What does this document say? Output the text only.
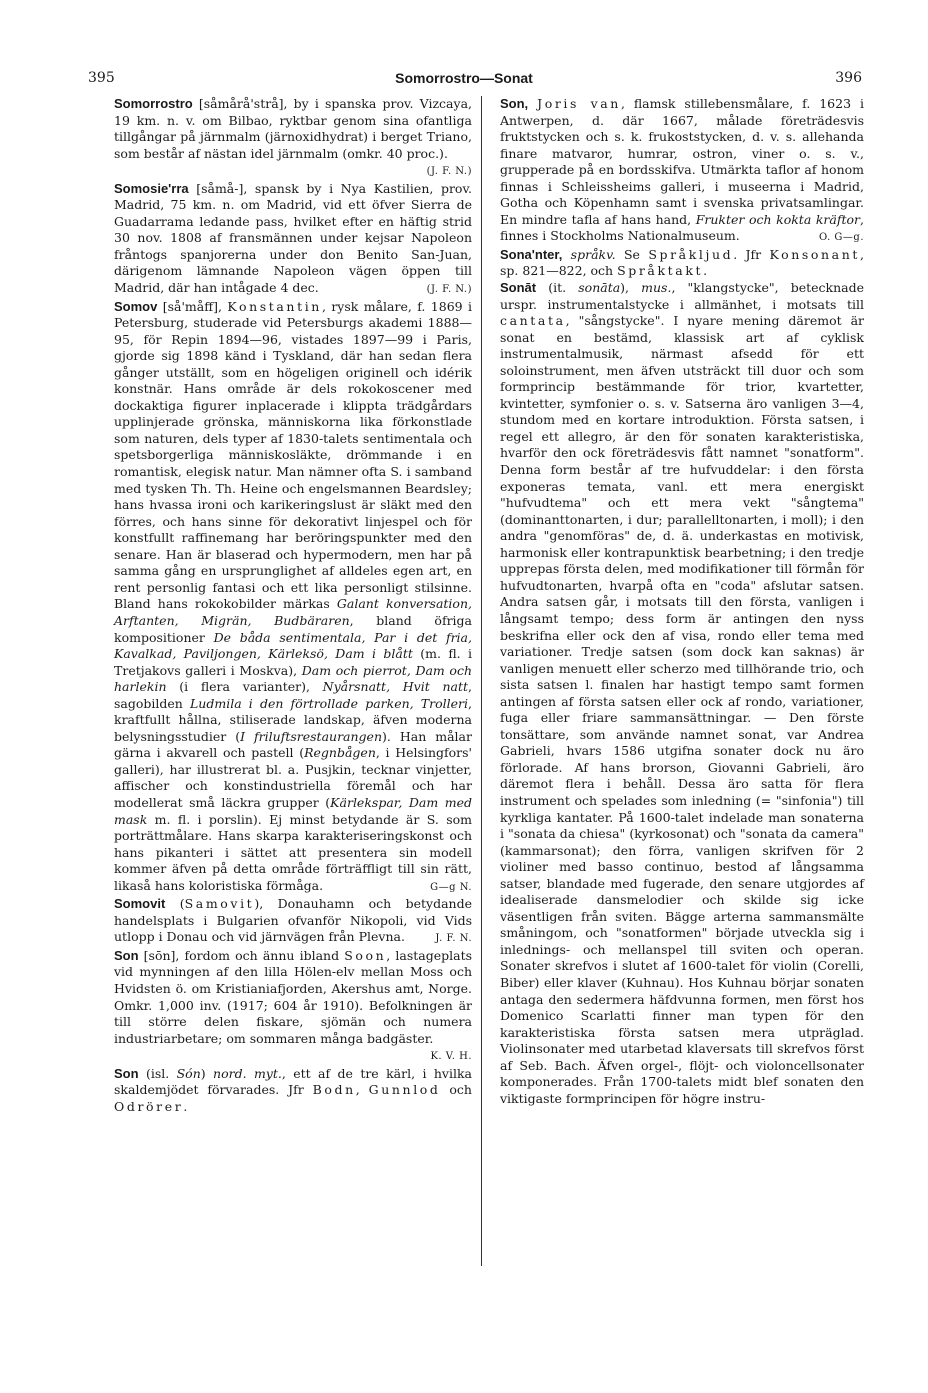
395	Somorrostro—Sonat	396

Somorrostro [såmårå'strå], by i spanska prov. Vizcaya, 19 km. n. v. om Bilbao, ryktbar genom sina ofantliga tillgångar på järnmalm (järnoxidhydrat) i berget Triano, som består af nästan idel järnmalm (omkr. 40 proc.).
(J. F. N.)

Somosie'rra [såmå-], spansk by i Nya Kastilien, prov. Madrid, 75 km. n. om Madrid, vid ett öfver Sierra de Guadarrama ledande pass, hvilket efter en häftig strid 30 nov. 1808 af fransmännen under kejsar Napoleon fråntogs spanjorerna under don Benito San-Juan, därigenom lämnande Napoleon vägen öppen till Madrid, där han intågade 4 dec.	(J. F. N.)

Somov [så'måff], Konstantin, rysk målare, f. 1869 i Petersburg, studerade vid Petersburgs akademi 1888—95, för Repin 1894—96, vistades 1897—99 i Paris, gjorde sig 1898 känd i Tyskland, där han sedan flera gånger utställt, som en högeligen originell och idérik konstnär. Hans område är dels rokokoscener med dockaktiga figurer inplacerade i klippta trädgårdars upplinjerade grönska, människorna lika förkonstlade som naturen, dels typer af 1830-talets sentimentala och spetsborgerliga människosläkte, drömmande i en romantisk, elegisk natur. Man nämner ofta S. i samband med tysken Th. Th. Heine och engelsmannen Beardsley; hans hvassa ironi och karikeringslust är släkt med den förres, och hans sinne för dekorativt linjespel och för konstfullt raffinemang har beröringspunkter med den senare. Han är blaserad och hypermodern, men har på samma gång en ursprunglighet af alldeles egen art, en rent personlig fantasi och ett lika personligt stilsinne. Bland hans rokokobilder märkas Galant konversation, Arftanten, Migrän, Budbäraren, bland öfriga kompositioner De båda sentimentala, Par i det fria, Kavalkad, Paviljongen, Kärleksö, Dam i blått (m. fl. i Tretjakovs galleri i Moskva), Dam och pierrot, Dam och harlekin (i flera varianter), Nyårsnatt, Hvit natt, sagobilden Ludmila i den förtrollade parken, Trolleri, kraftfullt hållna, stiliserade landskap, äfven moderna belysningsstudier (I friluftsrestaurangen). Han målar gärna i akvarell och pastell (Regnbågen, i Helsingfors' galleri), har illustrerat bl. a. Pusjkin, tecknar vinjetter, affischer och konstindustriella föremål och har modellerat små läckra grupper (Kärlekspar, Dam med mask m. fl. i porslin). Ej minst betydande är S. som porträttmålare. Hans skarpa karakteriseringskonst och hans pikanteri i sättet att presentera sin modell kommer äfven på detta område förträffligt till sin rätt, likaså hans koloristiska förmåga.	G—g N.

Somovit (Samovit), Donauhamn och betydande handelsplats i Bulgarien ofvanför Nikopoli, vid Vids utlopp i Donau och vid järnvägen från Plevna.	J. F. N.

Son [sōn], fordom och ännu ibland Soon, lastageplats vid mynningen af den lilla Hölen-elv mellan Moss och Hvidsten ö. om Kristianiafjorden, Akershus amt, Norge. Omkr. 1,000 inv. (1917; 604 år 1910). Befolkningen är till större delen fiskare, sjömän och numera industriarbetare; om sommaren många badgäster.
K. V. H.

Son (isl. Són) nord. myt., ett af de tre kärl, i hvilka skaldemjödet förvarades. Jfr Bodn, Gunnlod och Odrörer.

Son, Joris van, flamsk stillebensmålare, f. 1623 i Antwerpen, d. där 1667, målade företrädesvis fruktstycken och s. k. frukoststycken, d. v. s. allehanda finare matvaror, humrar, ostron, viner o. s. v., grupperade på en bordsskifva. Utmärkta taflor af honom finnas i Schleissheims galleri, i museerna i Madrid, Gotha och Köpenhamn samt i svenska privatsamlingar. En mindre tafla af hans hand, Frukter och kokta kräftor, finnes i Stockholms Nationalmuseum.	O. G—g.

Sona'nter, språkv. Se Språkljud. Jfr Konsonant, sp. 821—822, och Språktakt.

Sonāt (it. sonāta), mus., "klangstycke", betecknade urspr. instrumentalstycke i allmänhet, i motsats till cantata, "sångstycke". I nyare mening däremot är sonat en bestämd, klassisk art af cyklisk instrumentalmusik, närmast afsedd för ett soloinstrument, men äfven utsträckt till duor och som formprincip bestämmande för trior, kvartetter, kvintetter, symfonier o. s. v. Satserna äro vanligen 3—4, stundom med en kortare introduktion. Första satsen, i regel ett allegro, är den för sonaten karakteristiska, hvarför den ock företrädesvis fått namnet "sonatform". Denna form består af tre hufvuddelar: i den första exponeras temata, vanl. ett mera energiskt "hufvudtema" och ett mera vekt "sångtema" (dominanttonarten, i dur; parallelltonarten, i moll); i den andra "genomföras" de, d. ä. underkastas en motivisk, harmonisk eller kontrapunktisk bearbetning; i den tredje upprepas första delen, med modifikationer till förmån för hufvudtonarten, hvarpå ofta en "coda" afslutar satsen. Andra satsen går, i motsats till den första, vanligen i långsamt tempo; dess form är antingen den nyss beskrifna eller ock den af visa, rondo eller tema med variationer. Tredje satsen (som dock kan saknas) är vanligen menuett eller scherzo med tillhörande trio, och sista satsen l. finalen har hastigt tempo samt formen antingen af första satsen eller ock af rondo, variationer, fuga eller friare sammansättningar. — Den förste tonsättare, som använde namnet sonat, var Andrea Gabrieli, hvars 1586 utgifna sonater dock nu äro förlorade. Af hans brorson, Giovanni Gabrieli, äro däremot flera i behåll. Dessa äro satta för flera instrument och spelades som inledning (= "sinfonia") till kyrkliga kantater. På 1600-talet indelade man sonaterna i "sonata da chiesa" (kyrkosonat) och "sonata da camera" (kammarsonat); den förra, vanligen skrifven för 2 violiner med basso continuo, bestod af långsamma satser, blandade med fugerade, den senare utgjordes af idealiserade dansmelodier och skilde sig icke väsentligen från sviten. Bägge arterna sammansmälte småningom, och "sonatformen" började utveckla sig i inlednings- och mellanspel till sviten och operan. Sonater skrefvos i slutet af 1600-talet för violin (Corelli, Biber) eller klaver (Kuhnau). Hos Kuhnau börjar sonaten antaga den sedermera häfdvunna formen, men först hos Domenico Scarlatti finner man typen för den karakteristiska första satsen mera utpräglad. Violinsonater med utarbetad klaversats till skrefvos först af Seb. Bach. Äfven orgel-, flöjt- och violoncellsonater komponerades. Från 1700-talets midt blef sonaten den viktigaste formprincipen för högre instru-
